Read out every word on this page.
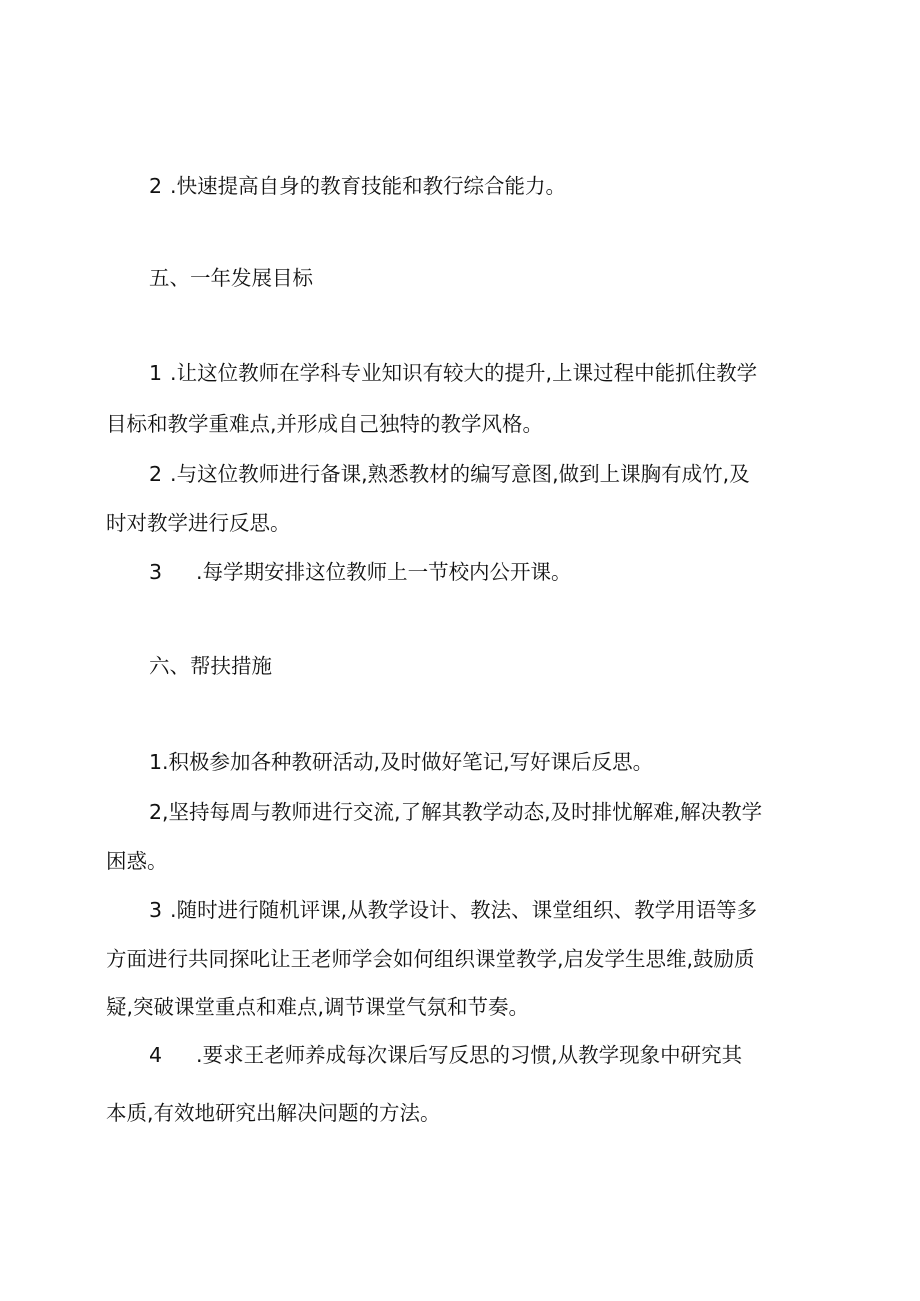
2 .快速提高自身的教育技能和教行综合能力。
五、一年发展目标
1 .让这位教师在学科专业知识有较大的提升,上课过程中能抓住教学
目标和教学重难点,并形成自己独特的教学风格。
2 .与这位教师进行备课,熟悉教材的编写意图,做到上课胸有成竹,及
时对教学进行反思。
3 .每学期安排这位教师上一节校内公开课。
六、帮扶措施
1.积极参加各种教研活动,及时做好笔记,写好课后反思。
2,坚持每周与教师进行交流,了解其教学动态,及时排忧解难,解决教学
困惑。
3 .随时进行随机评课,从教学设计、教法、课堂组织、教学用语等多
方面进行共同探叱让王老师学会如何组织课堂教学,启发学生思维,鼓励质
疑,突破课堂重点和难点,调节课堂气氛和节奏。
4 .要求王老师养成每次课后写反思的习惯,从教学现象中研究其
本质,有效地研究出解决问题的方法。
